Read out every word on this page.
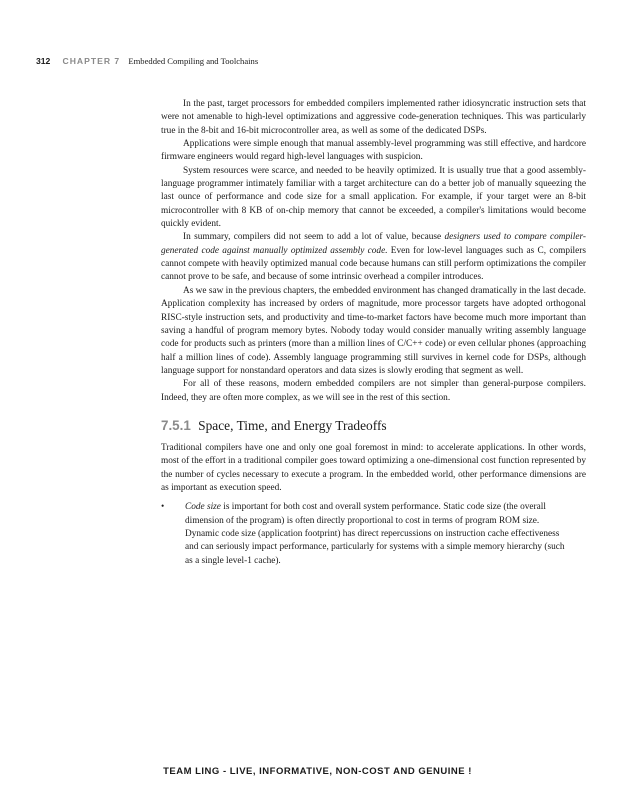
312 CHAPTER 7 Embedded Compiling and Toolchains

In the past, target processors for embedded compilers implemented rather idiosyncratic instruction sets that were not amenable to high-level optimizations and aggressive code-generation techniques. This was particularly true in the 8-bit and 16-bit microcontroller area, as well as some of the dedicated DSPs.

Applications were simple enough that manual assembly-level programming was still effective, and hardcore firmware engineers would regard high-level languages with suspicion.

System resources were scarce, and needed to be heavily optimized. It is usually true that a good assembly-language programmer intimately familiar with a target architecture can do a better job of manually squeezing the last ounce of performance and code size for a small application. For example, if your target were an 8-bit microcontroller with 8 KB of on-chip memory that cannot be exceeded, a compiler's limitations would become quickly evident.

In summary, compilers did not seem to add a lot of value, because designers used to compare compiler-generated code against manually optimized assembly code. Even for low-level languages such as C, compilers cannot compete with heavily optimized manual code because humans can still perform optimizations the compiler cannot prove to be safe, and because of some intrinsic overhead a compiler introduces.

As we saw in the previous chapters, the embedded environment has changed dramatically in the last decade. Application complexity has increased by orders of magnitude, more processor targets have adopted orthogonal RISC-style instruction sets, and productivity and time-to-market factors have become much more important than saving a handful of program memory bytes. Nobody today would consider manually writing assembly language code for products such as printers (more than a million lines of C/C++ code) or even cellular phones (approaching half a million lines of code). Assembly language programming still survives in kernel code for DSPs, although language support for nonstandard operators and data sizes is slowly eroding that segment as well.

For all of these reasons, modern embedded compilers are not simpler than general-purpose compilers. Indeed, they are often more complex, as we will see in the rest of this section.

7.5.1 Space, Time, and Energy Tradeoffs

Traditional compilers have one and only one goal foremost in mind: to accelerate applications. In other words, most of the effort in a traditional compiler goes toward optimizing a one-dimensional cost function represented by the number of cycles necessary to execute a program. In the embedded world, other performance dimensions are as important as execution speed.

• Code size is important for both cost and overall system performance. Static code size (the overall dimension of the program) is often directly proportional to cost in terms of program ROM size. Dynamic code size (application footprint) has direct repercussions on instruction cache effectiveness and can seriously impact performance, particularly for systems with a simple memory hierarchy (such as a single level-1 cache).
TEAM LING - LIVE, INFORMATIVE, NON-COST AND GENUINE !
